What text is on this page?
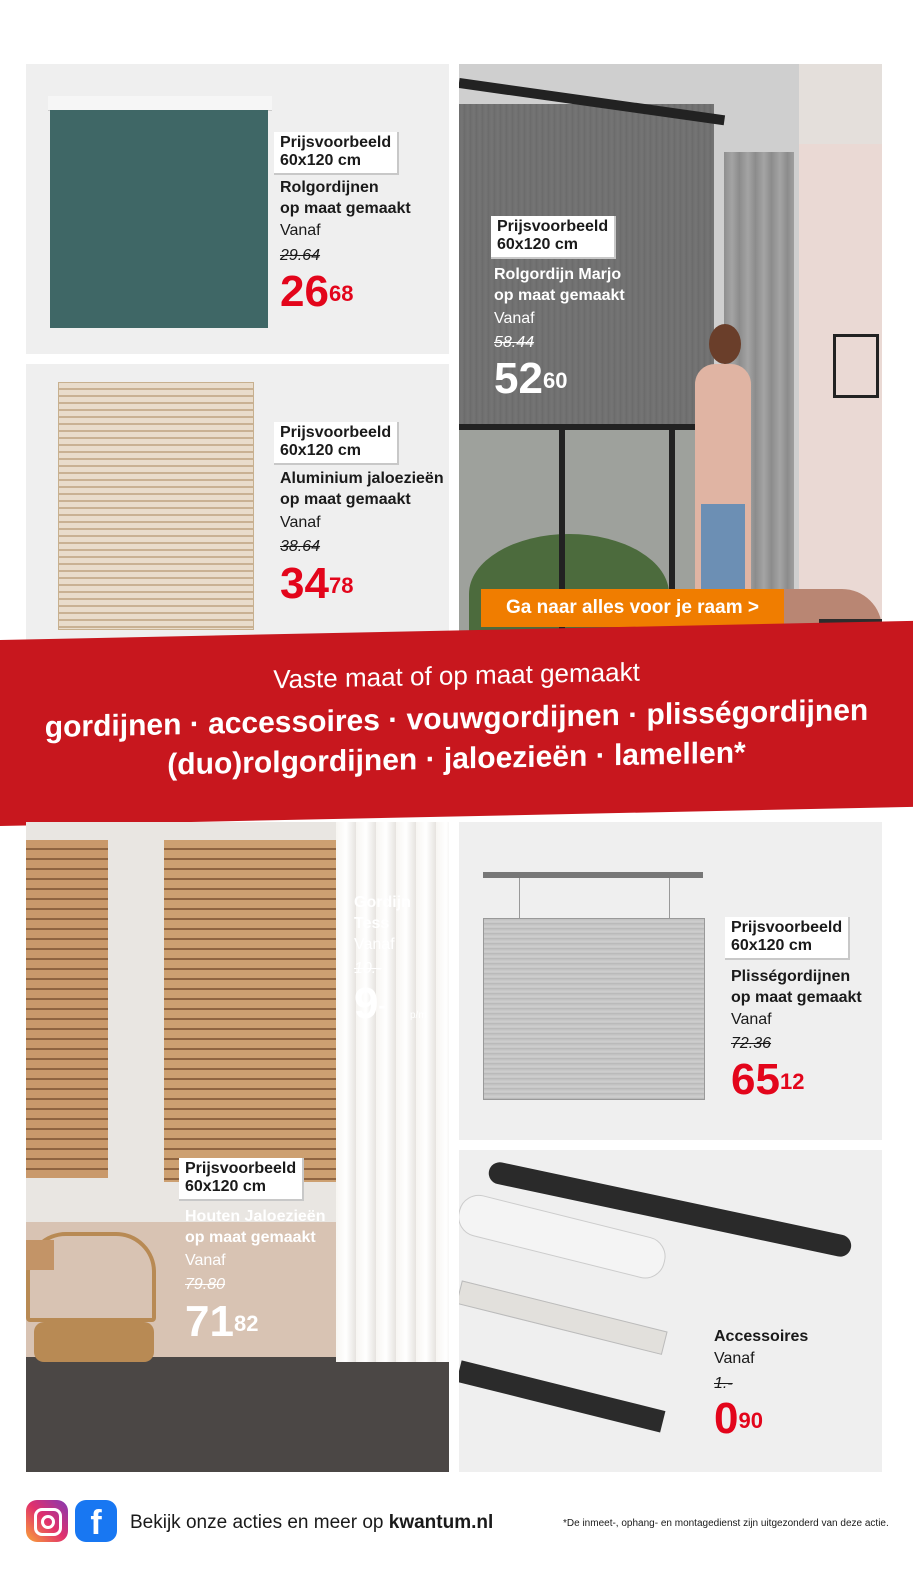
Prijsvoorbeeld
60x120 cm
Rolgordijnen
op maat gemaakt
Vanaf
29.64
$26^{68}$
Prijsvoorbeeld
60x120 cm
Aluminium jaloezieën
op maat gemaakt
Vanaf
38.64
$34^{78}$
Prijsvoorbeeld
60x120 cm
Rolgordijn Marjo
op maat gemaakt
Vanaf
58.44
$52^{60}$
Ga naar alles voor je raam >
Vaste maat of op maat gemaakt
gordijnen · accessoires · vouwgordijnen · plisségordijnen
(duo)rolgordijnen · jaloezieën · lamellen*
Gordijn
Tess
Vanaf
10.-
9- p/m
Prijsvoorbeeld
60x120 cm
Houten Jaloezieën
op maat gemaakt
Vanaf
79.80
$71^{82}$
Prijsvoorbeeld
60x120 cm
Plisségordijnen
op maat gemaakt
Vanaf
72.36
$65^{12}$
Accessoires
Vanaf
1.-
$0^{90}$
f	Bekijk onze acties en meer op kwantum.nl	*De inmeet-, ophang- en montagedienst zijn uitgezonderd van deze actie.
